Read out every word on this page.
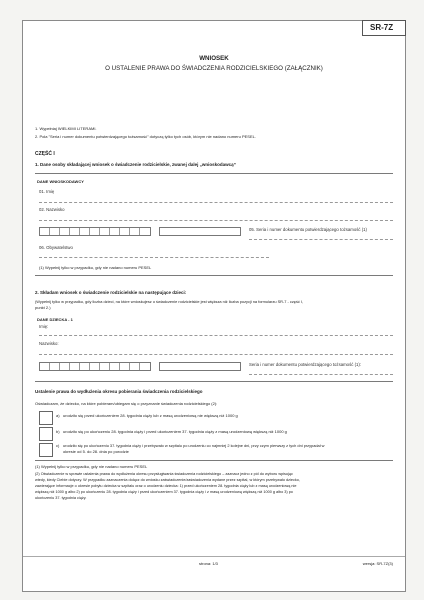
SR-7Z
WNIOSEK
O USTALENIE PRAWA DO ŚWIADCZENIA RODZICIELSKIEGO (ZAŁĄCZNIK)
1. Wypełniaj WIELKIMI LITERAMI.
2. Pola "Seria i numer dokumentu potwierdzającego tożsamość" dotyczą tylko tych osób, którym nie nadano numeru PESEL.
CZĘŚĆ I
1. Dane osoby składającej wniosek o świadczenie rodzicielskie, zwanej dalej „wnioskodawcą”
DANE WNIOSKODAWCY
01. Imię
02. Nazwisko
05. Seria i numer dokumentu potwierdzającego tożsamość (1)
06. Obywatelstwo
(1) Wypełnij tylko w przypadku, gdy nie nadano numeru PESEL
2. Składam wniosek o świadczenie rodzicielskie na następujące dzieci:
(Wypełnij tylko w przypadku, gdy liczba dzieci, na które wnioskujesz o świadczenie rodzicielskie jest większa niż liczba pozycji na formularzu SR-7 - część I,
punkt 2.)
DANE DZIECKA - 1
Imię:
Nazwisko:
Seria i numer dokumentu potwierdzającego tożsamość (1):
Ustalenie prawa do wydłużenia okresu pobierania świadczenia rodzicielskiego
Oświadczam, że dziecko, na które pobieram/ubiegam się o przyznanie świadczenia rodzicielskiego (2):
a) urodziło się przed ukończeniem 28. tygodnia ciąży lub z masą urodzeniową nie większą niż 1000 g
b) urodziło się po ukończeniu 28. tygodnia ciąży i przed ukończeniem 37. tygodnia ciąży z masą urodzeniową większą niż 1000 g
c) urodziło się po ukończeniu 37. tygodnia ciąży i przebywało w szpitalu po urodzeniu co najmniej 2 kolejne dni, przy czym pierwszy z tych dni przypadał w
okresie od 5. do 28. dnia po porodzie
(1) Wypełnij tylko w przypadku, gdy nie nadano numeru PESEL
(2) Oświadczenie w sprawie ustalenia prawa do wydłużenia okresu przysługiwania świadczenia rodzicielskiego – zaznacz jedno z pól do wyboru wpisując
wtedy, kiedy Ciebie dotyczy. W przypadku zaznaczenia dołącz do wniosku zaświadczenie/zaświadczenia wydane przez szpital, w którym przebywało dziecko,
zawierające informacje o okresie pobytu dziecka w szpitalu oraz o urodzeniu dziecka: 1) przed ukończeniem 28. tygodnia ciąży lub z masą urodzeniową nie
większą niż 1000 g albo 2) po ukończeniu 28. tygodnia ciąży i przed ukończeniem 37. tygodnia ciąży i z masą urodzeniową większą niż 1000 g albo 3) po
ukończeniu 37. tygodnia ciąży.
strona: 1/3	wersja: SR-7Z(3)
